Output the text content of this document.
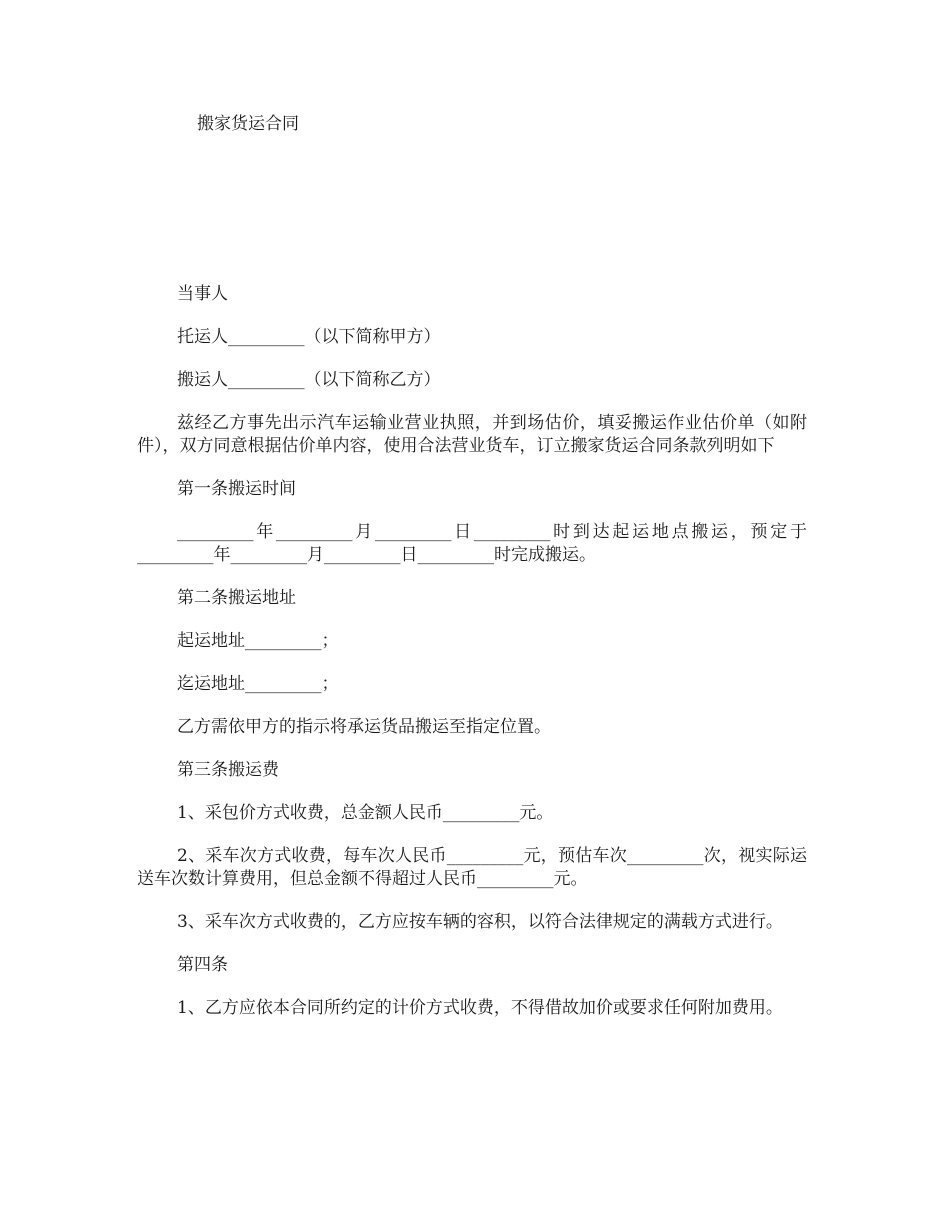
搬家货运合同

当事人

托运人_________（以下简称甲方）

搬运人_________（以下简称乙方）

兹经乙方事先出示汽车运输业营业执照，并到场估价，填妥搬运作业估价单（如附件），双方同意根据估价单内容，使用合法营业货车，订立搬家货运合同条款列明如下

第一条搬运时间

_________年_________月_________日_________时到达起运地点搬运，预定于_________年_________月_________日_________时完成搬运。

第二条搬运地址

起运地址_________；

迄运地址_________；

乙方需依甲方的指示将承运货品搬运至指定位置。

第三条搬运费

1、采包价方式收费，总金额人民币_________元。

2、采车次方式收费，每车次人民币_________元，预估车次_________次，视实际运送车次数计算费用，但总金额不得超过人民币_________元。

3、采车次方式收费的，乙方应按车辆的容积，以符合法律规定的满载方式进行。

第四条

1、乙方应依本合同所约定的计价方式收费，不得借故加价或要求任何附加费用。
